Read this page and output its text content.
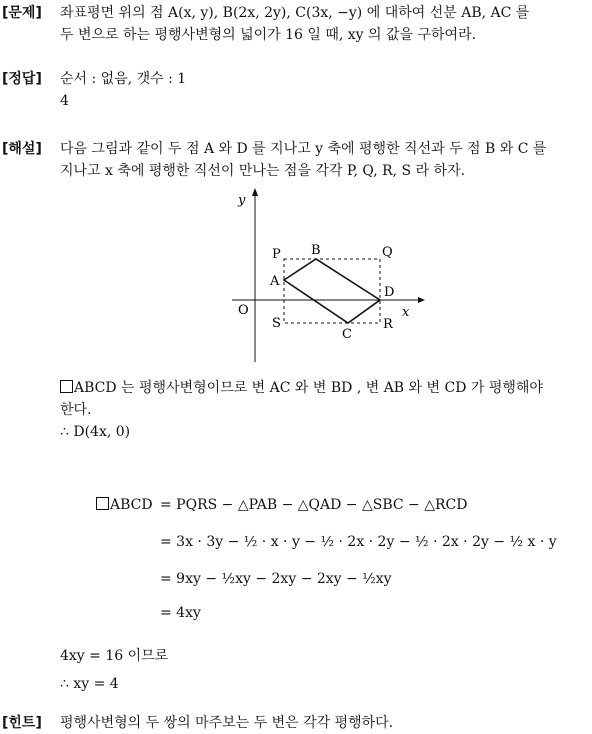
[문제] 좌표평면 위의 점 A(x, y), B(2x, 2y), C(3x, −y) 에 대하여 선분 AB, AC 를
두 변으로 하는 평행사변형의 넓이가 16 일 때, xy 의 값을 구하여라.
[정답] 순서 : 없음, 갯수 : 1
4
[해설] 다음 그림과 같이 두 점 A 와 D 를 지나고 y 축에 평행한 직선과 두 점 B 와 C 를
지나고 x 축에 평행한 직선이 만나는 점을 각각 P, Q, R, S 라 하자.
y
x
O
P B	Q
A
D
S
C
R
ABCD 는 평행사변형이므로 변 AC 와 변 BD , 변 AB 와 변 CD 가 평행해야
한다.
∴ D(4x, 0)
ABCD = PQRS − △PAB − △QAD − △SBC − △RCD
= 3x · 3y − ½ · x · y − ½ · 2x · 2y − ½ · 2x · 2y − ½ x · y
= 9xy − ½xy − 2xy − 2xy − ½xy
= 4xy
4xy = 16 이므로
∴ xy = 4
[힌트] 평행사변형의 두 쌍의 마주보는 두 변은 각각 평행하다.
